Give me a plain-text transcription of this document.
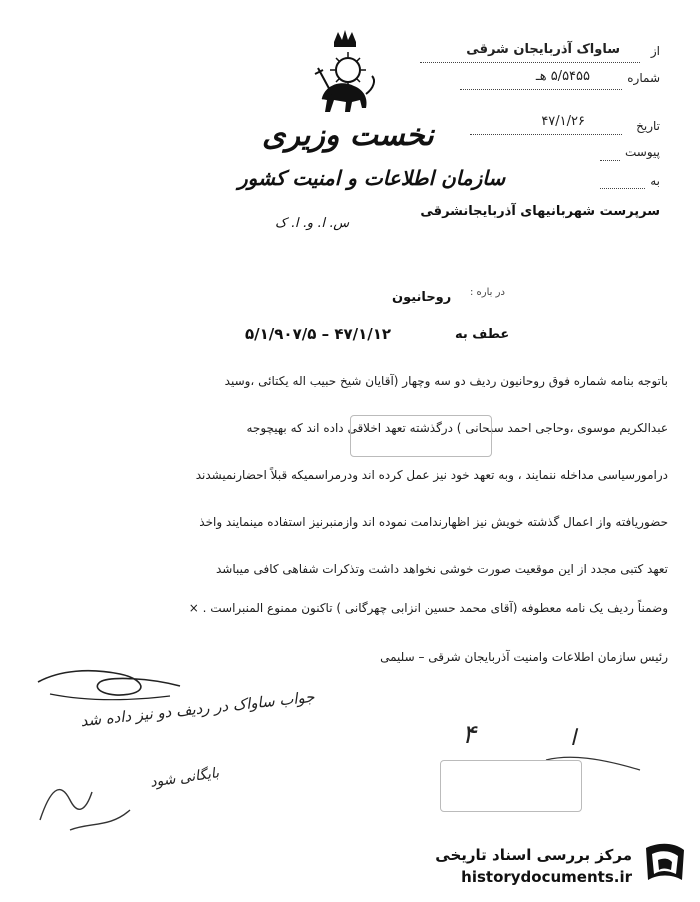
از
ساواک آذربایجان شرقی
شماره
۵/۵۴۵۵ هـ
تاریخ
۴۷/۱/۲۶
پیوست
به
نخست وزیری
سازمان اطلاعات و امنیت کشور
س. ا. و. ا. ک
سرپرست شهربانیهای آذربایجانشرقی
در باره :
روحانیون
عطف به
۴۷/۱/۱۲ – ۵/۱/۹۰۷/۵
باتوجه بنامه شماره فوق روحانیون ردیف دو سه وچهار (آقایان شیخ حبیب اله یکتائی ،وسید
عبدالکریم موسوی ،وحاجی احمد سبحانی ) درگذشته تعهد اخلاقی داده اند که بهیچوجه
درامورسیاسی مداخله ننمایند ، وبه تعهد خود نیز عمل کرده اند ودرمراسمیکه قبلاً احضارنمیشدند
حضوریافته واز اعمال گذشته خویش نیز اظهارندامت نموده اند وازمنبرنیز استفاده مینمایند واخذ
تعهد کتبی مجدد از این موقعیت صورت خوشی نخواهد داشت وتذکرات شفاهی کافی میباشد
وضمناً ردیف یک نامه معطوفه (آقای محمد حسین انزابی چهرگانی ) تاکنون ممنوع المنبراست . ×
رئیس سازمان اطلاعات وامنیت آذربایجان شرقی – سلیمی
جواب ساواک در ردیف دو نیز داده شد
بایگانی شود
۴	ا
مرکز بررسی اسناد تاریخی
historydocuments.ir
